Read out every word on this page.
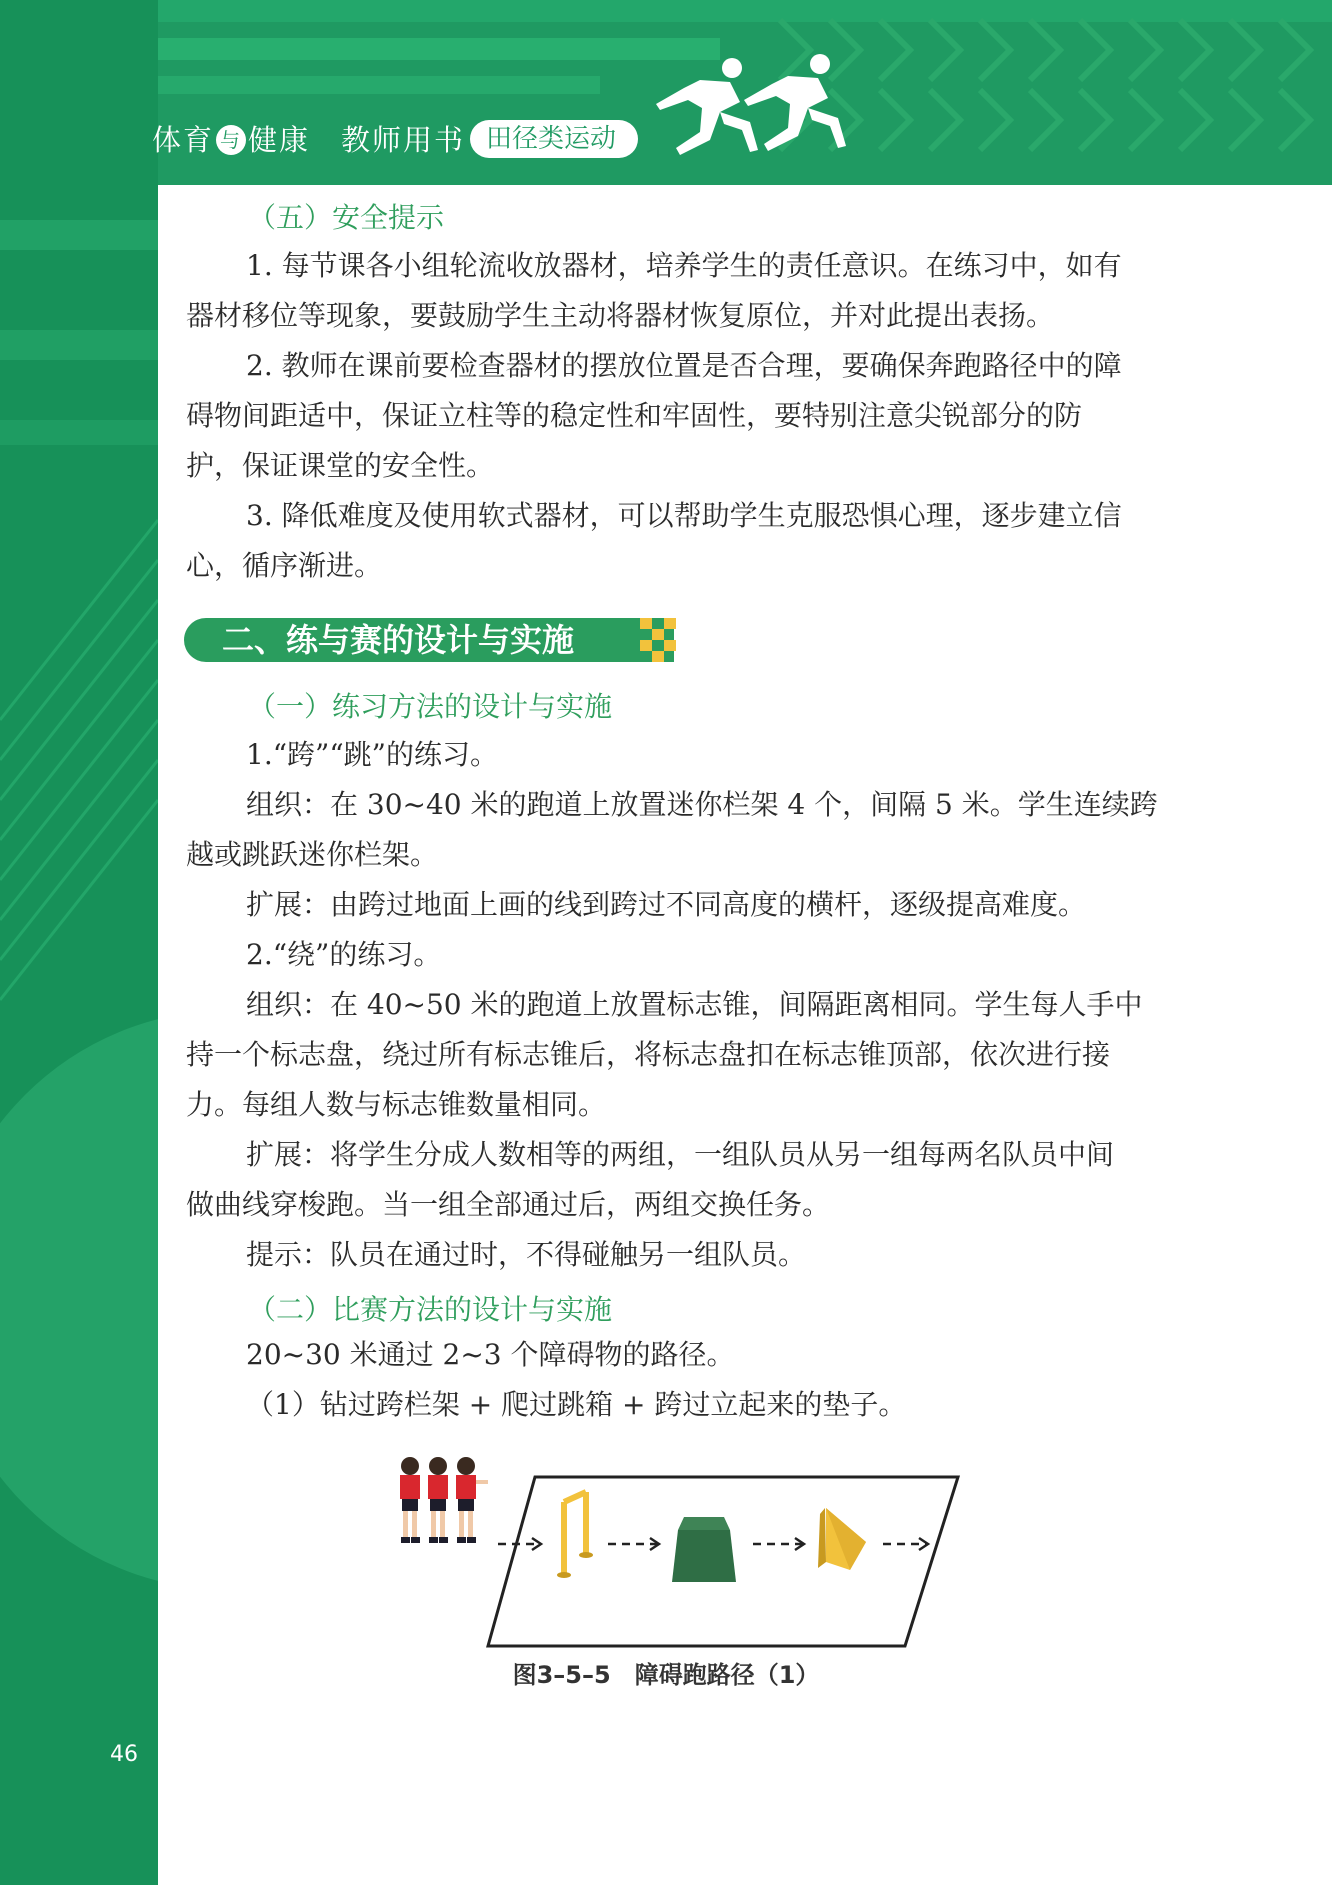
体育 与 健康  教师用书 田径类运动
（五）安全提示
1. 每节课各小组轮流收放器材，培养学生的责任意识。在练习中，如有
器材移位等现象，要鼓励学生主动将器材恢复原位，并对此提出表扬。
2. 教师在课前要检查器材的摆放位置是否合理，要确保奔跑路径中的障
碍物间距适中，保证立柱等的稳定性和牢固性，要特别注意尖锐部分的防
护，保证课堂的安全性。
3. 降低难度及使用软式器材，可以帮助学生克服恐惧心理，逐步建立信
心，循序渐进。
二、练与赛的设计与实施
（一）练习方法的设计与实施
1.“跨”“跳”的练习。
组织：在 30~40 米的跑道上放置迷你栏架 4 个，间隔 5 米。学生连续跨
越或跳跃迷你栏架。
扩展：由跨过地面上画的线到跨过不同高度的横杆，逐级提高难度。
2.“绕”的练习。
组织：在 40~50 米的跑道上放置标志锥，间隔距离相同。学生每人手中
持一个标志盘，绕过所有标志锥后，将标志盘扣在标志锥顶部，依次进行接
力。每组人数与标志锥数量相同。
扩展：将学生分成人数相等的两组，一组队员从另一组每两名队员中间
做曲线穿梭跑。当一组全部通过后，两组交换任务。
提示：队员在通过时，不得碰触另一组队员。
（二）比赛方法的设计与实施
20~30 米通过 2~3 个障碍物的路径。
（1）钻过跨栏架 + 爬过跳箱 + 跨过立起来的垫子。
图3–5–5　障碍跑路径（1）
46
